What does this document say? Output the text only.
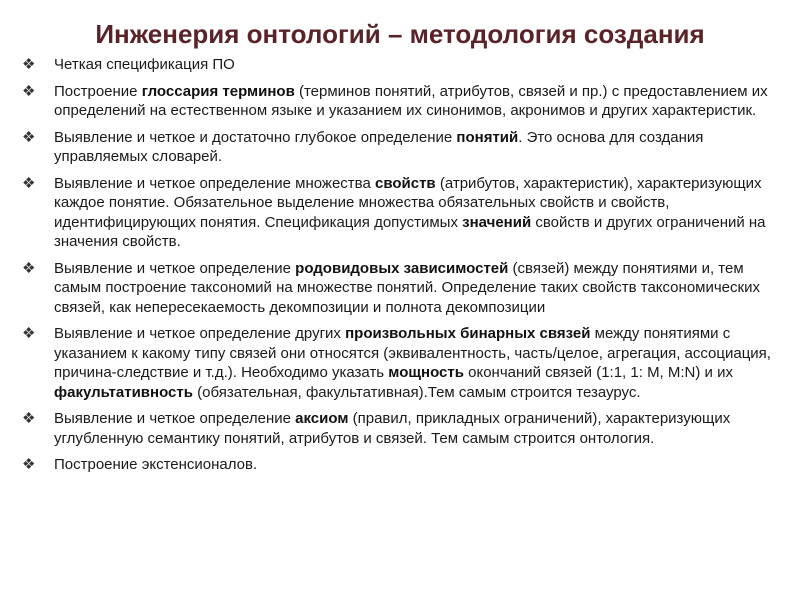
Инженерия онтологий – методология создания
❖	Четкая спецификация ПО
❖	Построение глоссария терминов (терминов понятий, атрибутов, связей и пр.) с предоставлением их определений на естественном языке и указанием их синонимов, акронимов и других характеристик.
❖	Выявление и четкое и достаточно глубокое определение понятий. Это основа для создания управляемых словарей.
❖	Выявление и четкое определение множества свойств (атрибутов, характеристик), характеризующих каждое понятие. Обязательное выделение множества обязательных свойств и свойств, идентифицирующих понятия. Спецификация допустимых значений свойств и других ограничений на значения свойств.
❖	Выявление и четкое определение родовидовых зависимостей (связей) между понятиями и, тем самым построение таксономий на множестве понятий. Определение таких свойств таксономических связей, как непересекаемость декомпозиции и полнота декомпозиции
❖	Выявление и четкое определение других произвольных бинарных связей между понятиями с указанием к какому типу связей они относятся (эквивалентность, часть/целое, агрегация, ассоциация, причина-следствие и т.д.). Необходимо указать мощность окончаний связей (1:1, 1: M, M:N) и их факультативность (обязательная, факультативная).Тем самым строится тезаурус.
❖	Выявление и четкое определение аксиом (правил, прикладных ограничений), характеризующих углубленную семантику понятий, атрибутов и связей. Тем самым строится онтология.
❖	Построение экстенсионалов.
